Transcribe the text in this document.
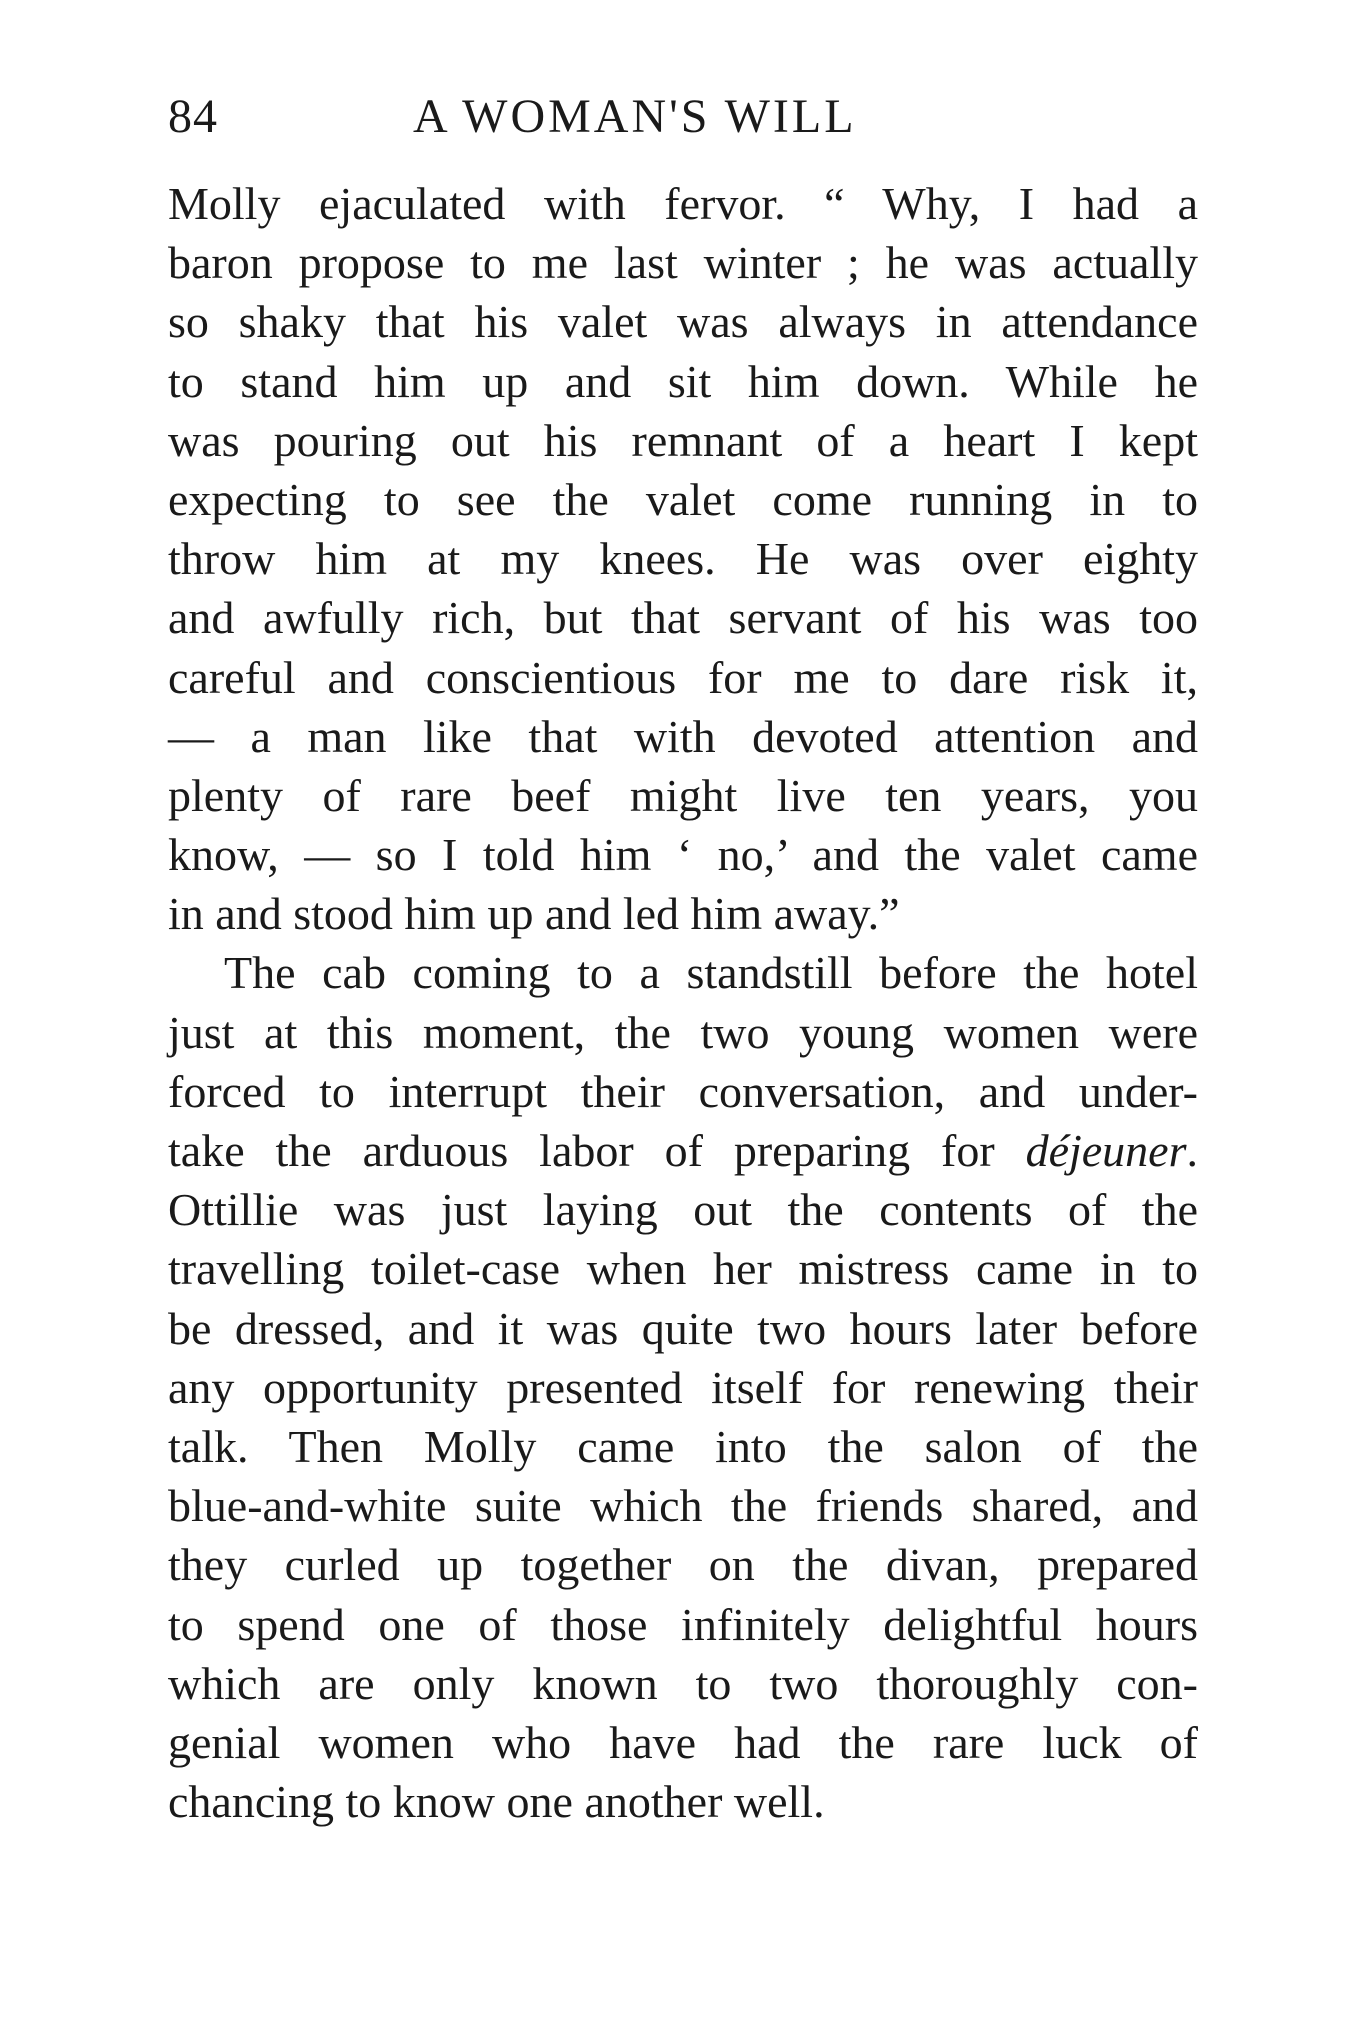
84	A WOMAN'S WILL
Molly ejaculated with fervor. “ Why, I had a
baron propose to me last winter ; he was actually
so shaky that his valet was always in attendance
to stand him up and sit him down. While he
was pouring out his remnant of a heart I kept
expecting to see the valet come running in to
throw him at my knees. He was over eighty
and awfully rich, but that servant of his was too
careful and conscientious for me to dare risk it,
— a man like that with devoted attention and
plenty of rare beef might live ten years, you
know, — so I told him ‘ no,’ and the valet came
in and stood him up and led him away.”
The cab coming to a standstill before the hotel
just at this moment, the two young women were
forced to interrupt their conversation, and under-
take the arduous labor of preparing for déjeuner.
Ottillie was just laying out the contents of the
travelling toilet-case when her mistress came in to
be dressed, and it was quite two hours later before
any opportunity presented itself for renewing their
talk. Then Molly came into the salon of the
blue-and-white suite which the friends shared, and
they curled up together on the divan, prepared
to spend one of those infinitely delightful hours
which are only known to two thoroughly con-
genial women who have had the rare luck of
chancing to know one another well.
